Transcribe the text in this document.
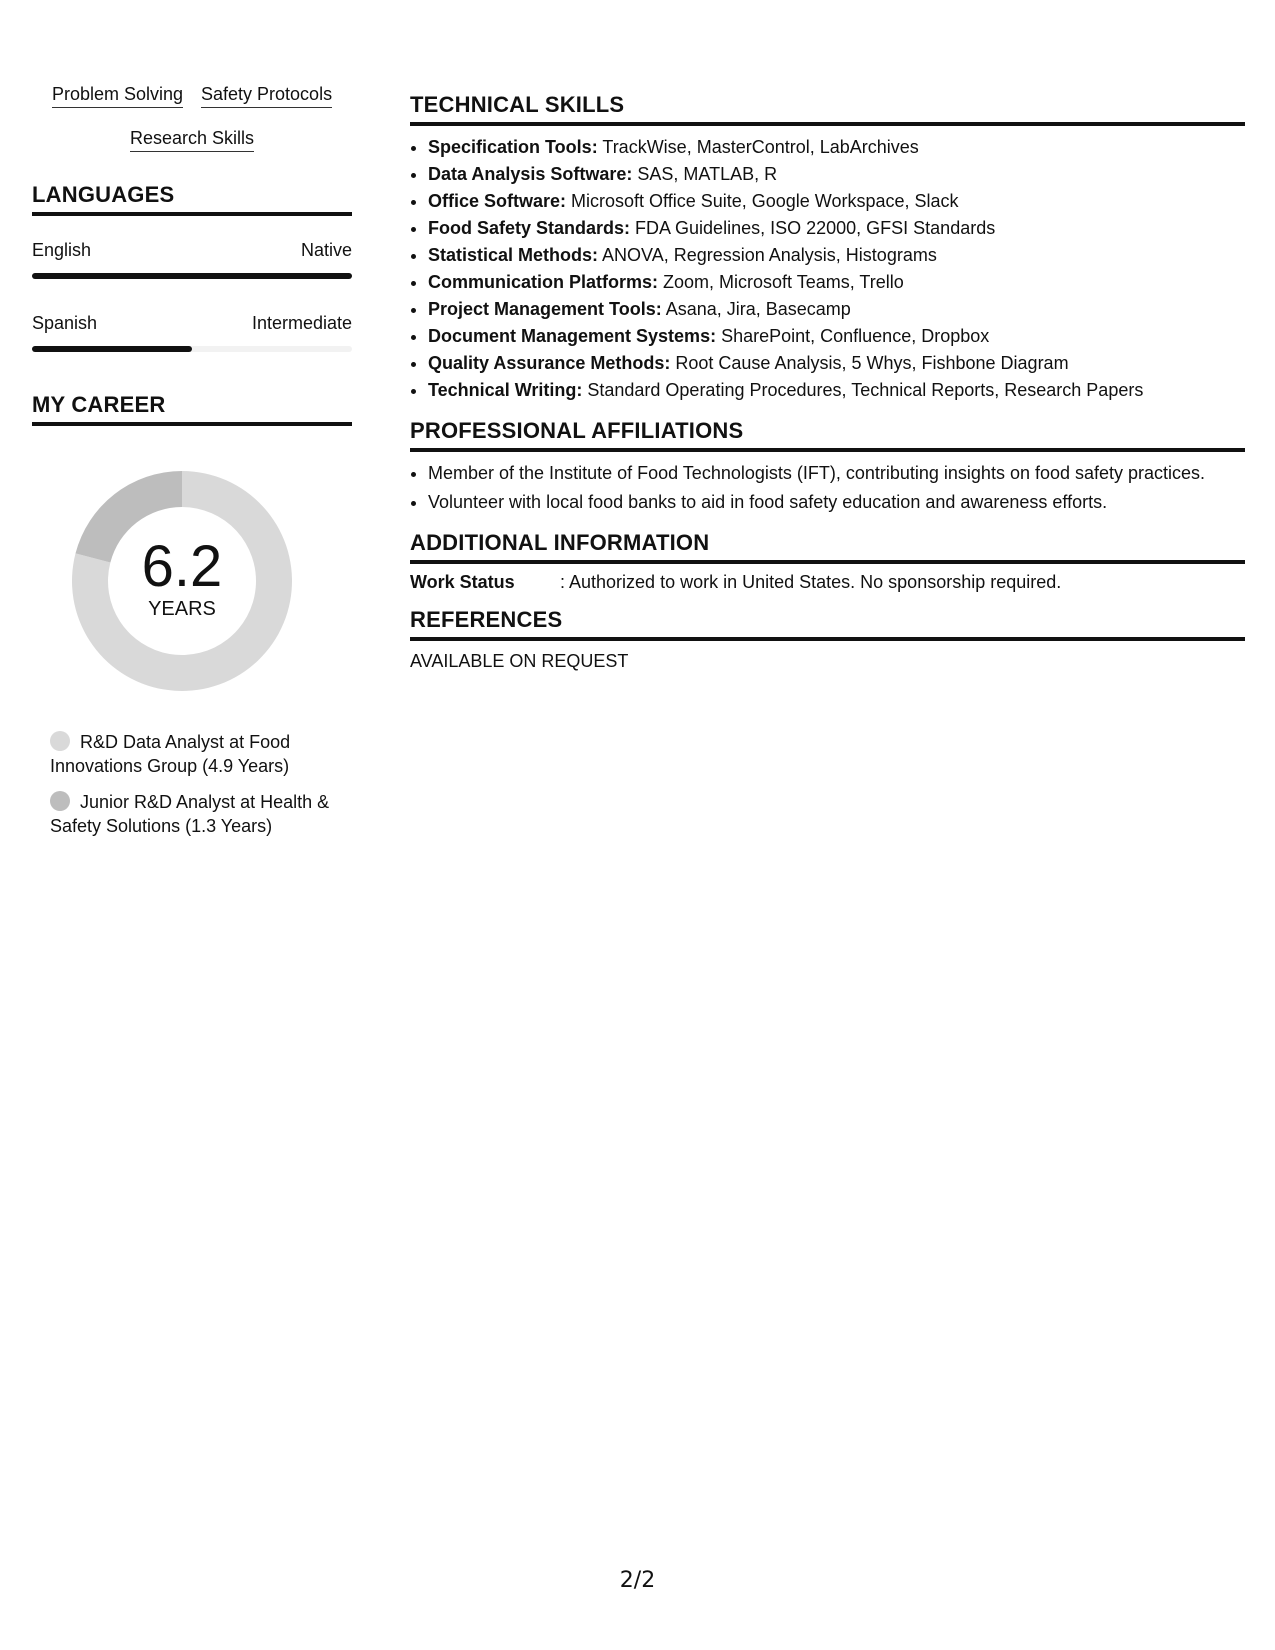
Problem Solving Safety Protocols
Research Skills
LANGUAGES
English	Native
Spanish	Intermediate
MY CAREER
6.2
YEARS
R&D Data Analyst at Food Innovations Group (4.9 Years)
Junior R&D Analyst at Health & Safety Solutions (1.3 Years)
TECHNICAL SKILLS
• Specification Tools: TrackWise, MasterControl, LabArchives
• Data Analysis Software: SAS, MATLAB, R
• Office Software: Microsoft Office Suite, Google Workspace, Slack
• Food Safety Standards: FDA Guidelines, ISO 22000, GFSI Standards
• Statistical Methods: ANOVA, Regression Analysis, Histograms
• Communication Platforms: Zoom, Microsoft Teams, Trello
• Project Management Tools: Asana, Jira, Basecamp
• Document Management Systems: SharePoint, Confluence, Dropbox
• Quality Assurance Methods: Root Cause Analysis, 5 Whys, Fishbone Diagram
• Technical Writing: Standard Operating Procedures, Technical Reports, Research Papers
PROFESSIONAL AFFILIATIONS
• Member of the Institute of Food Technologists (IFT), contributing insights on food safety practices.
• Volunteer with local food banks to aid in food safety education and awareness efforts.
ADDITIONAL INFORMATION
Work Status	: Authorized to work in United States. No sponsorship required.
REFERENCES
AVAILABLE ON REQUEST
2/2
